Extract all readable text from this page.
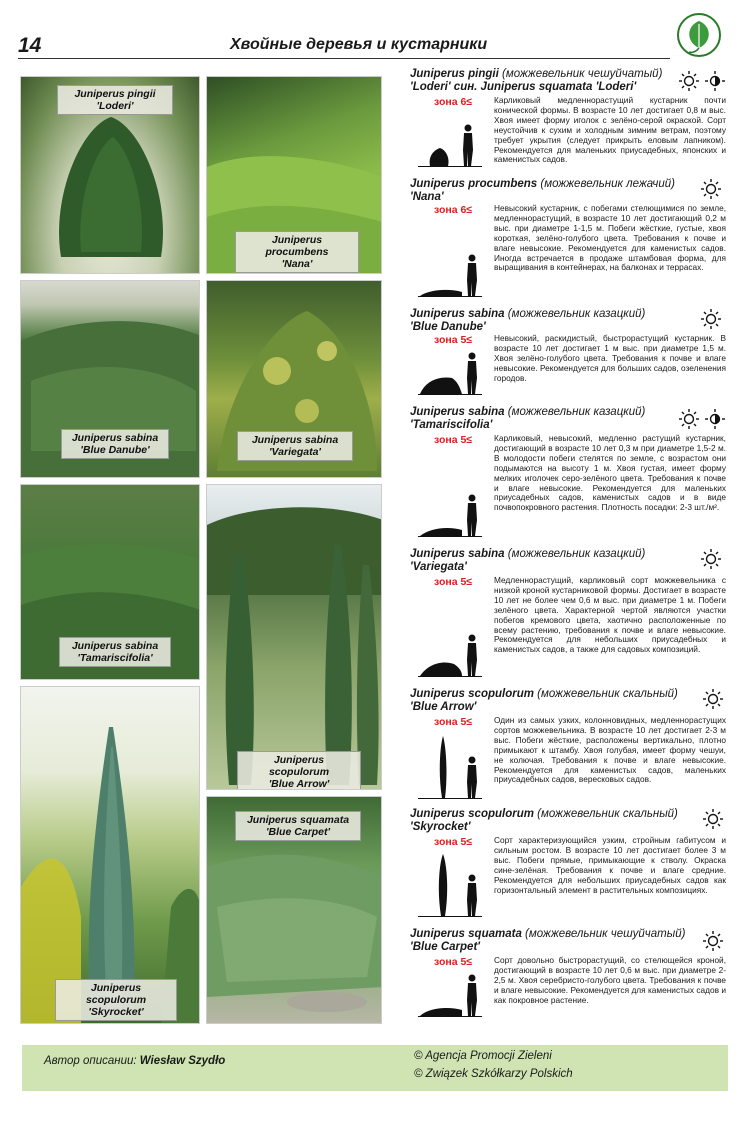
14	Хвойные деревья и кустарники
Juniperus pingii
'Loderi'
Juniperus sabina
'Blue Danube'
Juniperus sabina
'Tamariscifolia'
Juniperus scopulorum
'Skyrocket'
Juniperus procumbens
'Nana'
Juniperus sabina
'Variegata'
Juniperus scopulorum
'Blue Arrow'
Juniperus squamata
'Blue Carpet'
Juniperus pingii (можжевельник чешуйчатый)
'Loderi' син. Juniperus squamata 'Loderi'
зона 6≤	Карликовый медленнорастущий кустарник почти конической формы. В возрасте 10 лет достигает 0,8 м выс. Хвоя имеет форму иголок с зелёно-серой окраской. Сорт неустойчив к сухим и холодным зимним ветрам, поэтому требует укрытия (следует прикрыть еловым лапником). Рекомендуется для маленьких приусадебных, японских и каменистых садов.
Juniperus procumbens (можжевельник лежачий)
'Nana'
зона 6≤	Невысокий кустарник, с побегами стелющимися по земле, медленнорастущий, в возрасте 10 лет достигающий 0,2 м выс. при диаметре 1-1,5 м. Побеги жёсткие, густые, хвоя короткая, зелёно-голубого цвета. Требования к почве и влаге невысокие. Рекомендуется для каменистых садов. Иногда встречается в продаже штамбовая форма, для выращивания в контейнерах, на балконах и террасах.
Juniperus sabina (можжевельник казацкий)
'Blue Danube'
зона 5≤	Невысокий, раскидистый, быстрорастущий кустарник. В возрасте 10 лет достигает 1 м выс. при диаметре 1,5 м. Хвоя зелёно-голубого цвета. Требования к почве и влаге невысокие. Рекомендуется для больших садов, озеленения городов.
Juniperus sabina (можжевельник казацкий)
'Tamariscifolia'
зона 5≤	Карликовый, невысокий, медленно растущий кустарник, достигающий в возрасте 10 лет 0,3 м при диаметре 1,5-2 м. В молодости побеги стелятся по земле, с возрастом они подымаются на высоту 1 м. Хвоя густая, имеет форму мелких иголочек серо-зелёного цвета. Требования к почве и влаге невысокие. Рекомендуется для маленьких приусадебных садов, каменистых садов и в виде почвопокровного растения. Плотность посадки: 2-3 шт./м².
Juniperus sabina (можжевельник казацкий)
'Variegata'
зона 5≤	Медленнорастущий, карликовый сорт можжевельника с низкой кроной кустарниковой формы. Достигает в возрасте 10 лет не более чем 0,6 м выс. при диаметре 1 м. Побеги зелёного цвета. Характерной чертой являются участки побегов кремового цвета, хаотично расположенные по всему растению, требования к почве и влаге невысокие. Рекомендуется для небольших приусадебных и каменистых садов, а также для садовых композиций.
Juniperus scopulorum (можжевельник скальный)
'Blue Arrow'
зона 5≤	Один из самых узких, колонновидных, медленнорастущих сортов можжевельника. В возрасте 10 лет достигает 2-3 м выс. Побеги жёсткие, расположены вертикально, плотно примыкают к штамбу. Хвоя голубая, имеет форму чешуи, не колючая. Требования к почве и влаге невысокие. Рекомендуется для каменистых садов, маленьких приусадебных садов, вересковых садов.
Juniperus scopulorum (можжевельник скальный)
'Skyrocket'
зона 5≤	Сорт характеризующийся узким, стройным габитусом и сильным ростом. В возрасте 10 лет достигает более 3 м выс. Побеги прямые, примыкающие к стволу. Окраска сине-зелёная. Требования к почве и влаге средние. Рекомендуется для небольших приусадебных садов как горизонтальный элемент в растительных композициях.
Juniperus squamata (можжевельник чешуйчатый)
'Blue Carpet'
зона 5≤	Сорт довольно быстрорастущий, со стелющейся кроной, достигающий в возрасте 10 лет 0,6 м выс. при диаметре 2-2,5 м. Хвоя серебристо-голубого цвета. Требования к почве и влаге невысокие. Рекомендуется для каменистых садов и как покровное растение.
Автор описании: Wiesław Szydło	© Agencja Promocji Zieleni
© Związek Szkółkarzy Polskich
